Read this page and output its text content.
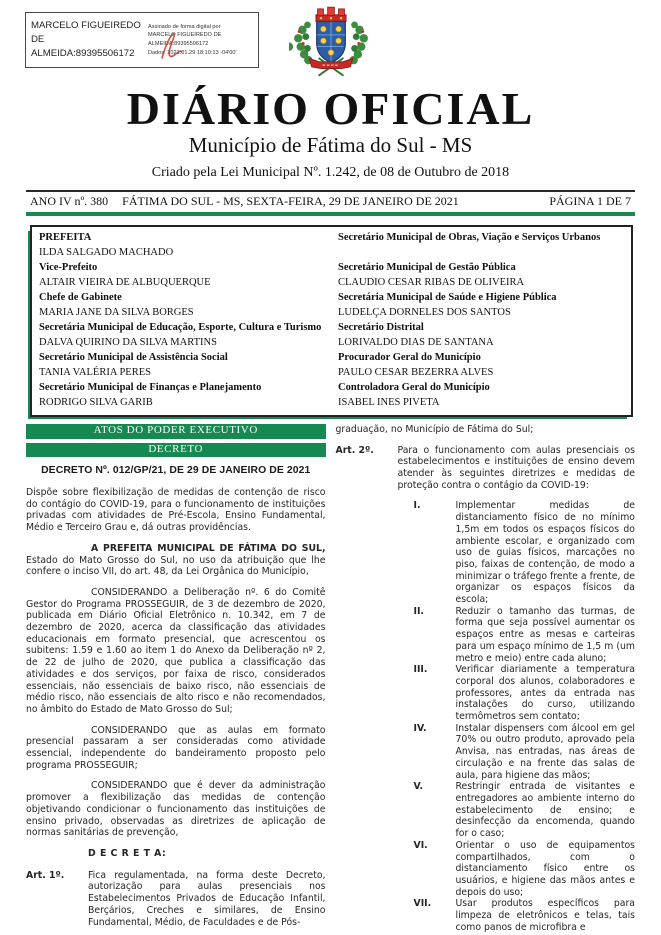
MARCELO FIGUEIREDO DE ALMEIDA:89395506172
Assinado de forma digital por
MARCELO FIGUEIREDO DE
ALMEIDA:89395506172
Dados: 2021.01.29 18:10:13 -04'00'
DIÁRIO OFICIAL
Município de Fátima do Sul - MS
Criado pela Lei Municipal Nº. 1.242, de 08 de Outubro de 2018
ANO IV nº. 380 FÁTIMA DO SUL - MS, SEXTA-FEIRA, 29 DE JANEIRO DE 2021	PÁGINA 1 DE 7
PREFEITA
ILDA SALGADO MACHADO
Vice-Prefeito
ALTAIR VIEIRA DE ALBUQUERQUE
Chefe de Gabinete
MARIA JANE DA SILVA BORGES
Secretária Municipal de Educação, Esporte, Cultura e Turismo
DALVA QUIRINO DA SILVA MARTINS
Secretário Municipal de Assistência Social
TANIA VALÉRIA PERES
Secretário Municipal de Finanças e Planejamento
RODRIGO SILVA GARIB
Secretário Municipal de Obras, Viação e Serviços Urbanos
Secretário Municipal de Gestão Pública
CLAUDIO CESAR RIBAS DE OLIVEIRA
Secretária Municipal de Saúde e Higiene Pública
LUDELÇA DORNELES DOS SANTOS
Secretário Distrital
LORIVALDO DIAS DE SANTANA
Procurador Geral do Município
PAULO CESAR BEZERRA ALVES
Controladora Geral do Município
ISABEL INES PIVETA
ATOS DO PODER EXECUTIVO
DECRETO
DECRETO Nº. 012/GP/21, DE 29 DE JANEIRO DE 2021

Dispõe sobre flexibilização de medidas de contenção de risco do contágio do COVID-19, para o funcionamento de instituições privadas com atividades de Pré-Escola, Ensino Fundamental, Médio e Terceiro Grau e, dá outras providências.

A PREFEITA MUNICIPAL DE FÁTIMA DO SUL, Estado do Mato Grosso do Sul, no uso da atribuição que lhe confere o inciso VII, do art. 48, da Lei Orgânica do Município,

CONSIDERANDO a Deliberação nº. 6 do Comitê Gestor do Programa PROSSEGUIR, de 3 de dezembro de 2020, publicada em Diário Oficial Eletrônico n. 10.342, em 7 de dezembro de 2020, acerca da classificação das atividades educacionais em formato presencial, que acrescentou os subitens: 1.59 e 1.60 ao item 1 do Anexo da Deliberação nº 2, de 22 de julho de 2020, que publica a classificação das atividades e dos serviços, por faixa de risco, considerados essenciais, não essenciais de baixo risco, não essenciais de médio risco, não essenciais de alto risco e não recomendados, no âmbito do Estado de Mato Grosso do Sul;

CONSIDERANDO que as aulas em formato presencial passaram a ser consideradas como atividade essencial, independente do bandeiramento proposto pelo programa PROSSEGUIR;

CONSIDERANDO que é dever da administração promover a flexibilização das medidas de contenção objetivando condicionar o funcionamento das instituições de ensino privado, observadas as diretrizes de aplicação de normas sanitárias de prevenção,

D E C R E T A:
Art. 1º.	Fica regulamentada, na forma deste Decreto, autorização para aulas presenciais nos Estabelecimentos Privados de Educação Infantil, Berçários, Creches e similares, de Ensino Fundamental, Médio, de Faculdades e de Pós-

graduação, no Município de Fátima do Sul;

Art. 2º.	Para o funcionamento com aulas presenciais os estabelecimentos e instituições de ensino devem atender às seguintes diretrizes e medidas de proteção contra o contágio da COVID-19:
I.	Implementar medidas de distanciamento físico de no mínimo 1,5m em todos os espaços físicos do ambiente escolar, e organizado com uso de guias físicos, marcações no piso, faixas de contenção, de modo a minimizar o tráfego frente a frente, de organizar os espaços físicos da escola;
II.	Reduzir o tamanho das turmas, de forma que seja possível aumentar os espaços entre as mesas e carteiras para um espaço mínimo de 1,5 m (um metro e meio) entre cada aluno;
III.	Verificar diariamente a temperatura corporal dos alunos, colaboradores e professores, antes da entrada nas instalações do curso, utilizando termômetros sem contato;
IV.	Instalar dispensers com álcool em gel 70% ou outro produto, aprovado pela Anvisa, nas entradas, nas áreas de circulação e na frente das salas de aula, para higiene das mãos;
V.	Restringir entrada de visitantes e entregadores ao ambiente interno do estabelecimento de ensino; e desinfecção da encomenda, quando for o caso;
VI.	Orientar o uso de equipamentos compartilhados, com o distanciamento físico entre os usuários, e higiene das mãos antes e depois do uso;
VII.	Usar produtos específicos para limpeza de eletrônicos e telas, tais como panos de microfibra e
